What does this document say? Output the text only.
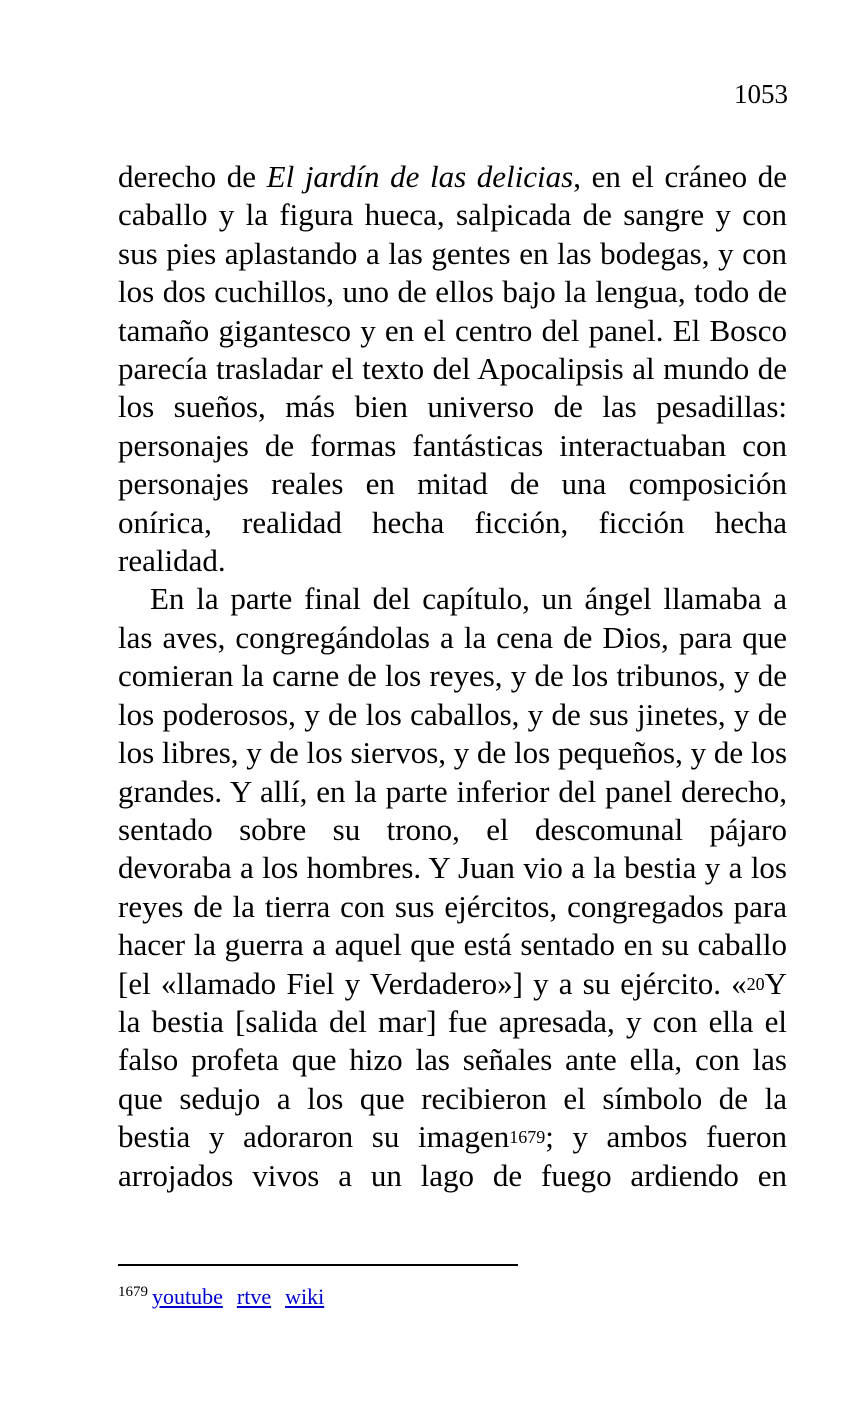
1053

derecho de El jardín de las delicias, en el cráneo de caballo y la figura hueca, salpicada de sangre y con sus pies aplastando a las gentes en las bodegas, y con los dos cuchillos, uno de ellos bajo la lengua, todo de tamaño gigantesco y en el centro del panel. El Bosco parecía trasladar el texto del Apocalipsis al mundo de los sueños, más bien universo de las pesadillas: personajes de formas fantásticas interactuaban con personajes reales en mitad de una composición onírica, realidad hecha ficción, ficción hecha realidad.

En la parte final del capítulo, un ángel llamaba a las aves, congregándolas a la cena de Dios, para que comieran la carne de los reyes, y de los tribunos, y de los poderosos, y de los caballos, y de sus jinetes, y de los libres, y de los siervos, y de los pequeños, y de los grandes. Y allí, en la parte inferior del panel derecho, sentado sobre su trono, el descomunal pájaro devoraba a los hombres. Y Juan vio a la bestia y a los reyes de la tierra con sus ejércitos, congregados para hacer la guerra a aquel que está sentado en su caballo [el «llamado Fiel y Verdadero»] y a su ejército. «$^{20}$Y la bestia [salida del mar] fue apresada, y con ella el falso profeta que hizo las señales ante ella, con las que sedujo a los que recibieron el símbolo de la bestia y adoraron su imagen$^{1679}$; y ambos fueron arrojados vivos a un lago de fuego ardiendo en

$^{1679}$ youtube rtve wiki
